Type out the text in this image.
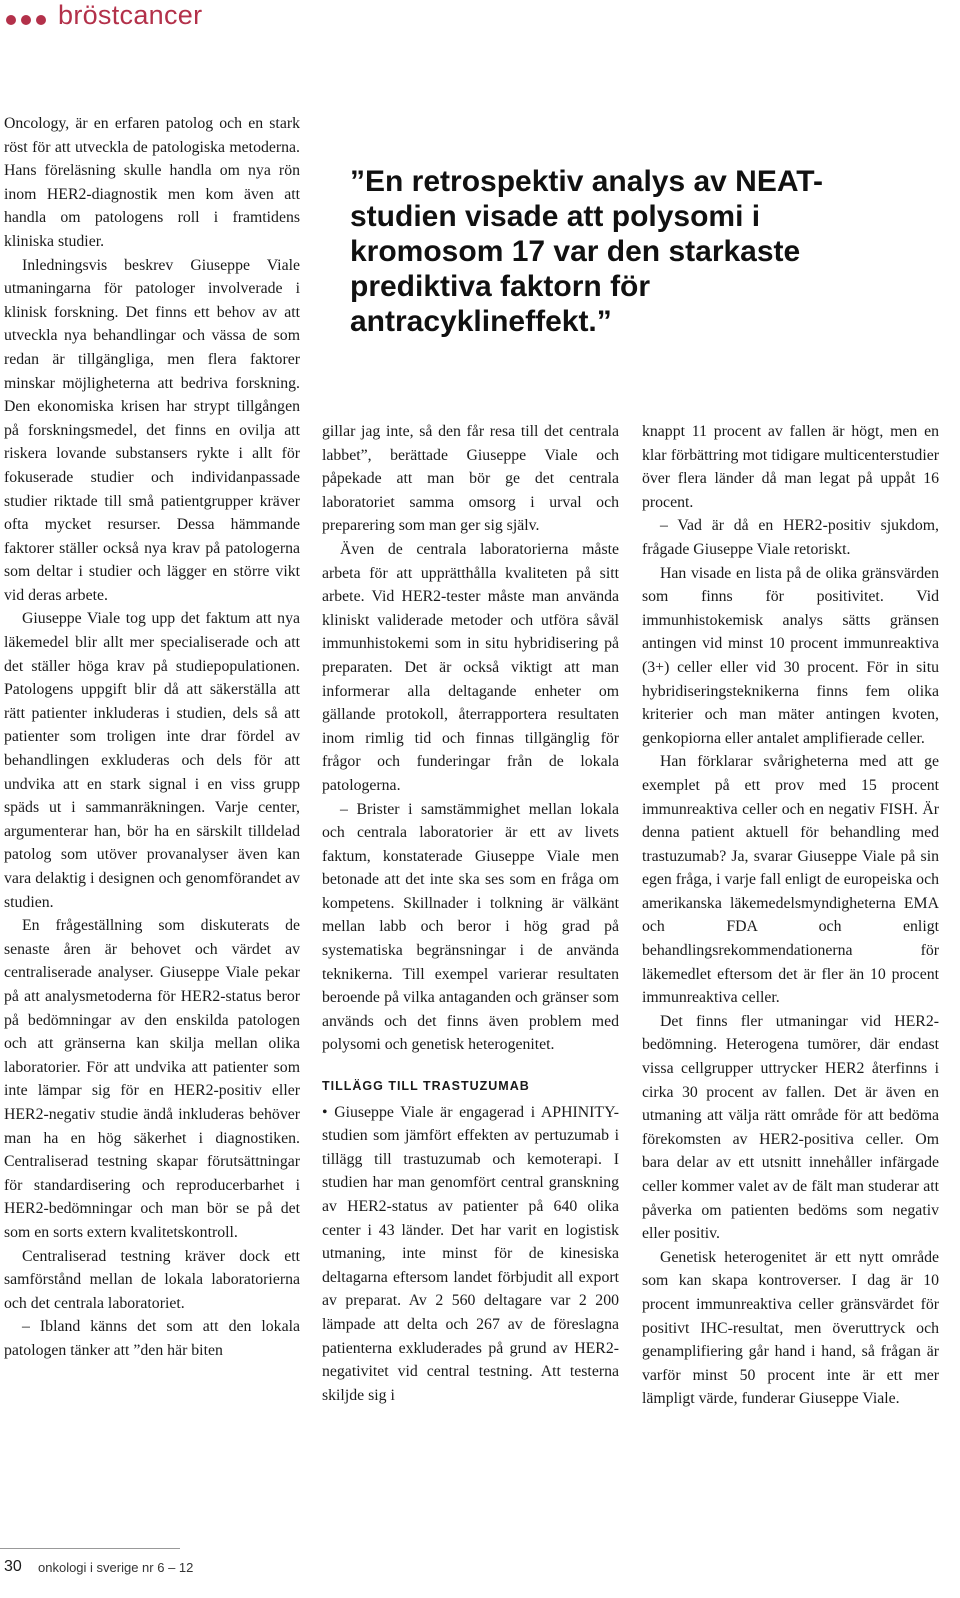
bröstcancer

Oncology, är en erfaren patolog och en stark röst för att utveckla de patologiska metoderna. Hans föreläsning skulle handla om nya rön inom HER2-diagnostik men kom även att handla om patologens roll i framtidens kliniska studier.

Inledningsvis beskrev Giuseppe Viale utmaningarna för patologer involverade i klinisk forskning. Det finns ett behov av att utveckla nya behandlingar och vässa de som redan är tillgängliga, men flera faktorer minskar möjligheterna att bedriva forskning. Den ekonomiska krisen har strypt tillgången på forskningsmedel, det finns en ovilja att riskera lovande substansers rykte i allt för fokuserade studier och individanpassade studier riktade till små patientgrupper kräver ofta mycket resurser. Dessa hämmande faktorer ställer också nya krav på patologerna som deltar i studier och lägger en större vikt vid deras arbete.

Giuseppe Viale tog upp det faktum att nya läkemedel blir allt mer specialiserade och att det ställer höga krav på studiepopulationen. Patologens uppgift blir då att säkerställa att rätt patienter inkluderas i studien, dels så att patienter som troligen inte drar fördel av behandlingen exkluderas och dels för att undvika att en stark signal i en viss grupp späds ut i sammanräkningen. Varje center, argumenterar han, bör ha en särskilt tilldelad patolog som utöver provanalyser även kan vara delaktig i designen och genomförandet av studien.

En frågeställning som diskuterats de senaste åren är behovet och värdet av centraliserade analyser. Giuseppe Viale pekar på att analysmetoderna för HER2-status beror på bedömningar av den enskilda patologen och att gränserna kan skilja mellan olika laboratorier. För att undvika att patienter som inte lämpar sig för en HER2-positiv eller HER2-negativ studie ändå inkluderas behöver man ha en hög säkerhet i diagnostiken. Centraliserad testning skapar förutsättningar för standardisering och reproducerbarhet i HER2-bedömningar och man bör se på det som en sorts extern kvalitetskontroll.

Centraliserad testning kräver dock ett samförstånd mellan de lokala laboratorierna och det centrala laboratoriet.

– Ibland känns det som att den lokala patologen tänker att ”den här biten

”En retrospektiv analys av NEAT-studien visade att polysomi i kromosom 17 var den starkaste prediktiva faktorn för antracyklineffekt.”

gillar jag inte, så den får resa till det centrala labbet”, berättade Giuseppe Viale och påpekade att man bör ge det centrala laboratoriet samma omsorg i urval och preparering som man ger sig själv.

Även de centrala laboratorierna måste arbeta för att upprätthålla kvaliteten på sitt arbete. Vid HER2-tester måste man använda kliniskt validerade metoder och utföra såväl immunhistokemi som in situ hybridisering på preparaten. Det är också viktigt att man informerar alla deltagande enheter om gällande protokoll, återrapportera resultaten inom rimlig tid och finnas tillgänglig för frågor och funderingar från de lokala patologerna.

– Brister i samstämmighet mellan lokala och centrala laboratorier är ett av livets faktum, konstaterade Giuseppe Viale men betonade att det inte ska ses som en fråga om kompetens. Skillnader i tolkning är välkänt mellan labb och beror i hög grad på systematiska begränsningar i de använda teknikerna. Till exempel varierar resultaten beroende på vilka antaganden och gränser som används och det finns även problem med polysomi och genetisk heterogenitet.

TILLÄGG TILL TRASTUZUMAB

• Giuseppe Viale är engagerad i APHINITY-studien som jämfört effekten av pertuzumab i tillägg till trastuzumab och kemoterapi. I studien har man genomfört central granskning av HER2-status av patienter på 640 olika center i 43 länder. Det har varit en logistisk utmaning, inte minst för de kinesiska deltagarna eftersom landet förbjudit all export av preparat. Av 2 560 deltagare var 2 200 lämpade att delta och 267 av de föreslagna patienterna exkluderades på grund av HER2-negativitet vid central testning. Att testerna skiljde sig i

knappt 11 procent av fallen är högt, men en klar förbättring mot tidigare multicenterstudier över flera länder då man legat på uppåt 16 procent.

– Vad är då en HER2-positiv sjukdom, frågade Giuseppe Viale retoriskt.

Han visade en lista på de olika gränsvärden som finns för positivitet. Vid immunhistokemisk analys sätts gränsen antingen vid minst 10 procent immunreaktiva (3+) celler eller vid 30 procent. För in situ hybridiseringsteknikerna finns fem olika kriterier och man mäter antingen kvoten, genkopiorna eller antalet amplifierade celler.

Han förklarar svårigheterna med att ge exemplet på ett prov med 15 procent immunreaktiva celler och en negativ FISH. Är denna patient aktuell för behandling med trastuzumab? Ja, svarar Giuseppe Viale på sin egen fråga, i varje fall enligt de europeiska och amerikanska läkemedelsmyndigheterna EMA och FDA och enligt behandlingsrekommendationerna för läkemedlet eftersom det är fler än 10 procent immunreaktiva celler.

Det finns fler utmaningar vid HER2-bedömning. Heterogena tumörer, där endast vissa cellgrupper uttrycker HER2 återfinns i cirka 30 procent av fallen. Det är även en utmaning att välja rätt område för att bedöma förekomsten av HER2-positiva celler. Om bara delar av ett utsnitt innehåller infärgade celler kommer valet av de fält man studerar att påverka om patienten bedöms som negativ eller positiv.

Genetisk heterogenitet är ett nytt område som kan skapa kontroverser. I dag är 10 procent immunreaktiva celler gränsvärdet för positivt IHC-resultat, men överuttryck och genamplifiering går hand i hand, så frågan är varför minst 50 procent inte är ett mer lämpligt värde, funderar Giuseppe Viale.

30 onkologi i sverige nr 6 – 12
